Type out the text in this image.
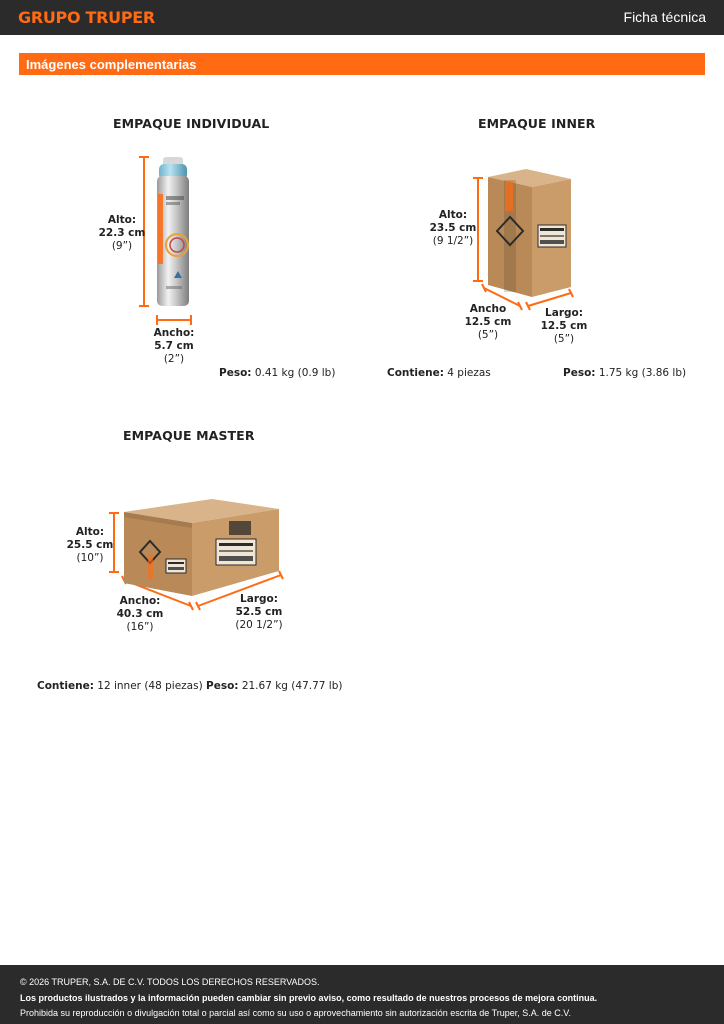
GRUPO TRUPER	Ficha técnica
Imágenes complementarias
EMPAQUE INDIVIDUAL
Alto:
22.3 cm
(9”)
Ancho:
5.7 cm
(2”)
Peso: 0.41 kg (0.9 lb)
EMPAQUE INNER
Alto:
23.5 cm
(9 1/2”)
Ancho
12.5 cm
(5”)
Largo:
12.5 cm
(5”)
Contiene: 4 piezas	Peso: 1.75 kg (3.86 lb)
EMPAQUE MASTER
Alto:
25.5 cm
(10”)
Ancho:
40.3 cm
(16”)
Largo:
52.5 cm
(20 1/2”)
Contiene: 12 inner (48 piezas) Peso: 21.67 kg (47.77 lb)
© 2026 TRUPER, S.A. DE C.V. TODOS LOS DERECHOS RESERVADOS.
Los productos ilustrados y la información pueden cambiar sin previo aviso, como resultado de nuestros procesos de mejora continua.
Prohibida su reproducción o divulgación total o parcial así como su uso o aprovechamiento sin autorización escrita de Truper, S.A. de C.V.
